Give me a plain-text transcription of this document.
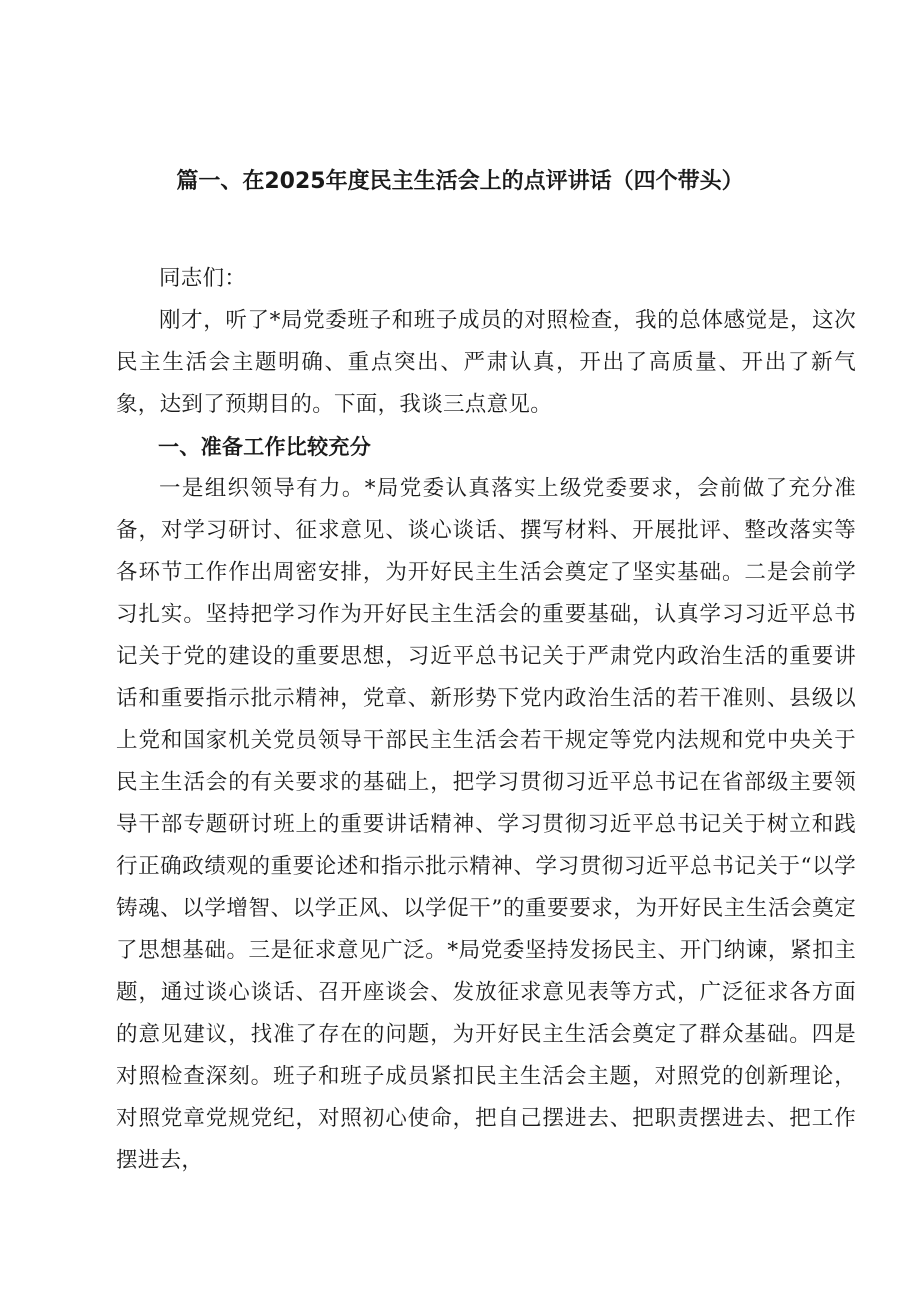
篇一、在2025年度民主生活会上的点评讲话（四个带头）

同志们：

刚才，听了*局党委班子和班子成员的对照检查，我的总体感觉是，这次民主生活会主题明确、重点突出、严肃认真，开出了高质量、开出了新气象，达到了预期目的。下面，我谈三点意见。

一、准备工作比较充分

一是组织领导有力。*局党委认真落实上级党委要求，会前做了充分准备，对学习研讨、征求意见、谈心谈话、撰写材料、开展批评、整改落实等各环节工作作出周密安排，为开好民主生活会奠定了坚实基础。二是会前学习扎实。坚持把学习作为开好民主生活会的重要基础，认真学习习近平总书记关于党的建设的重要思想，习近平总书记关于严肃党内政治生活的重要讲话和重要指示批示精神，党章、新形势下党内政治生活的若干准则、县级以上党和国家机关党员领导干部民主生活会若干规定等党内法规和党中央关于民主生活会的有关要求的基础上，把学习贯彻习近平总书记在省部级主要领导干部专题研讨班上的重要讲话精神、学习贯彻习近平总书记关于树立和践行正确政绩观的重要论述和指示批示精神、学习贯彻习近平总书记关于“以学铸魂、以学增智、以学正风、以学促干”的重要要求，为开好民主生活会奠定了思想基础。三是征求意见广泛。*局党委坚持发扬民主、开门纳谏，紧扣主题，通过谈心谈话、召开座谈会、发放征求意见表等方式，广泛征求各方面的意见建议，找准了存在的问题，为开好民主生活会奠定了群众基础。四是对照检查深刻。班子和班子成员紧扣民主生活会主题，对照党的创新理论，对照党章党规党纪，对照初心使命，把自己摆进去、把职责摆进去、把工作摆进去，
